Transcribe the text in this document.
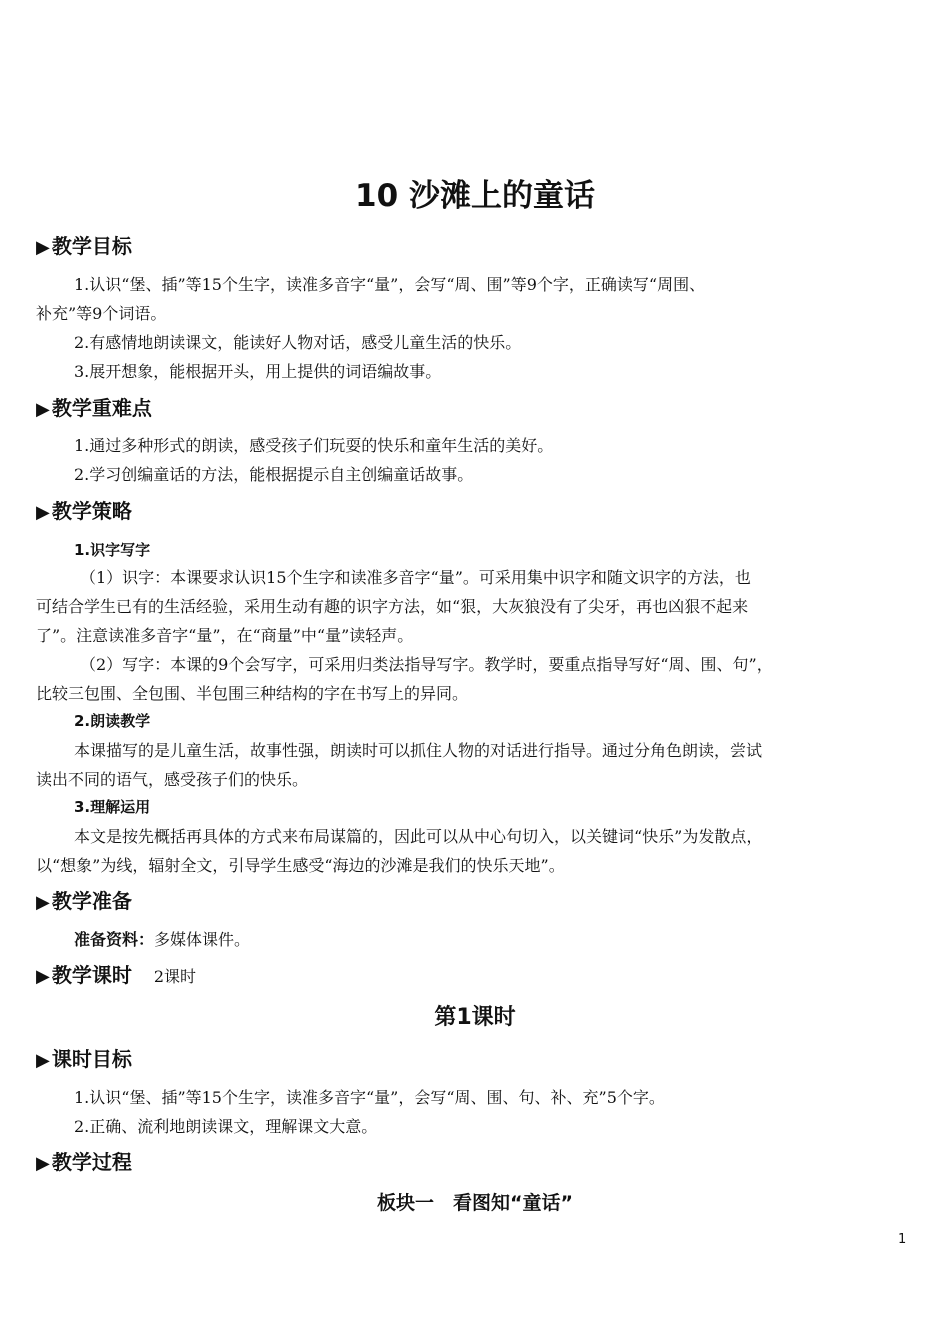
10 沙滩上的童话
▶ 教学目标
1.认识“堡、插”等15个生字，读准多音字“量”，会写“周、围”等9个字，正确读写“周围、
补充”等9个词语。
2.有感情地朗读课文，能读好人物对话，感受儿童生活的快乐。
3.展开想象，能根据开头，用上提供的词语编故事。
▶ 教学重难点
1.通过多种形式的朗读，感受孩子们玩耍的快乐和童年生活的美好。
2.学习创编童话的方法，能根据提示自主创编童话故事。
▶ 教学策略
1.识字写字
（1）识字：本课要求认识15个生字和读准多音字“量”。可采用集中识字和随文识字的方法，也
可结合学生已有的生活经验，采用生动有趣的识字方法，如“狠，大灰狼没有了尖牙，再也凶狠不起来
了”。注意读准多音字“量”，在“商量”中“量”读轻声。
（2）写字：本课的9个会写字，可采用归类法指导写字。教学时，要重点指导写好“周、围、句”，
比较三包围、全包围、半包围三种结构的字在书写上的异同。
2.朗读教学
本课描写的是儿童生活，故事性强，朗读时可以抓住人物的对话进行指导。通过分角色朗读，尝试
读出不同的语气，感受孩子们的快乐。
3.理解运用
本文是按先概括再具体的方式来布局谋篇的，因此可以从中心句切入，以关键词“快乐”为发散点，
以“想象”为线，辐射全文，引导学生感受“海边的沙滩是我们的快乐天地”。
▶ 教学准备
准备资料：多媒体课件。
▶ 教学课时 2课时
第1课时
▶ 课时目标
1.认识“堡、插”等15个生字，读准多音字“量”，会写“周、围、句、补、充”5个字。
2.正确、流利地朗读课文，理解课文大意。
▶ 教学过程
板块一　看图知“童话”
1
